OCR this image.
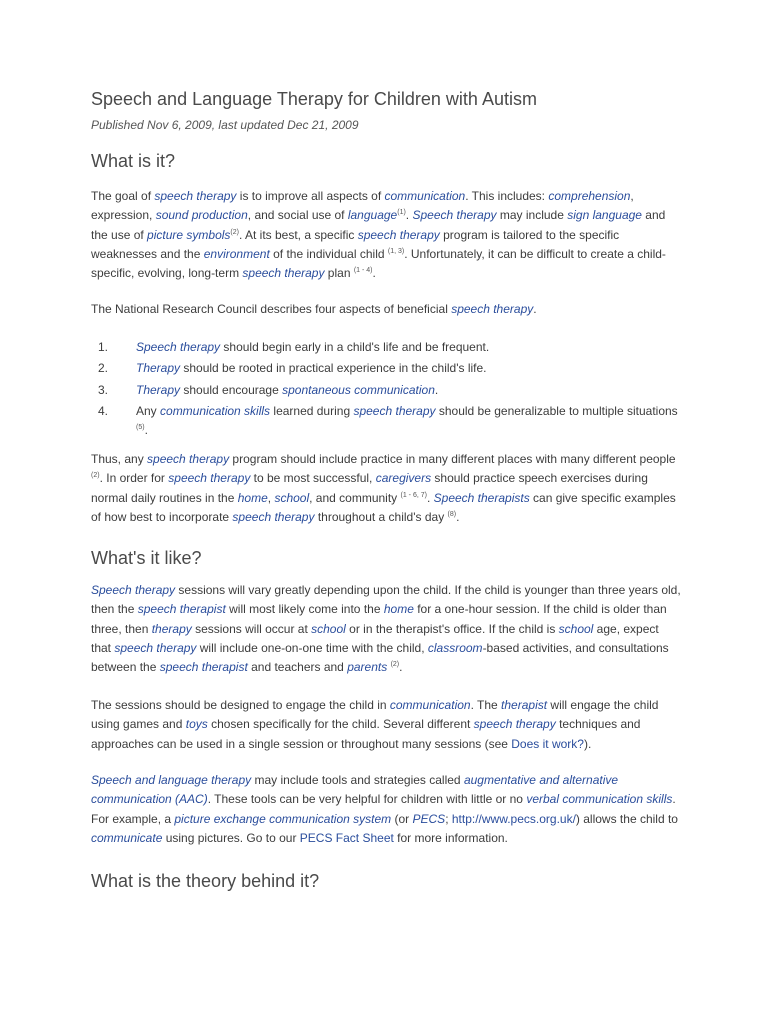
Speech and Language Therapy for Children with Autism
Published Nov 6, 2009, last updated Dec 21, 2009
What is it?

The goal of speech therapy is to improve all aspects of communication. This includes: comprehension, expression, sound production, and social use of language$^{(1)}$. Speech therapy may include sign language and the use of picture symbols$^{(2)}$. At its best, a specific speech therapy program is tailored to the specific weaknesses and the environment of the individual child $^{(1, 3)}$. Unfortunately, it can be difficult to create a child-specific, evolving, long-term speech therapy plan $^{(1 - 4)}$.

The National Research Council describes four aspects of beneficial speech therapy.

1.	Speech therapy should begin early in a child's life and be frequent.
2.	Therapy should be rooted in practical experience in the child's life.
3.	Therapy should encourage spontaneous communication.
4.	Any communication skills learned during speech therapy should be generalizable to multiple situations $^{(5)}$.

Thus, any speech therapy program should include practice in many different places with many different people $^{(2)}$. In order for speech therapy to be most successful, caregivers should practice speech exercises during normal daily routines in the home, school, and community $^{(1 - 6, 7)}$. Speech therapists can give specific examples of how best to incorporate speech therapy throughout a child's day $^{(8)}$.

What's it like?

Speech therapy sessions will vary greatly depending upon the child. If the child is younger than three years old, then the speech therapist will most likely come into the home for a one-hour session. If the child is older than three, then therapy sessions will occur at school or in the therapist's office. If the child is school age, expect that speech therapy will include one-on-one time with the child, classroom-based activities, and consultations between the speech therapist and teachers and parents $^{(2)}$.

The sessions should be designed to engage the child in communication. The therapist will engage the child using games and toys chosen specifically for the child. Several different speech therapy techniques and approaches can be used in a single session or throughout many sessions (see Does it work?).

Speech and language therapy may include tools and strategies called augmentative and alternative communication (AAC). These tools can be very helpful for children with little or no verbal communication skills. For example, a picture exchange communication system (or PECS; http://www.pecs.org.uk/) allows the child to communicate using pictures. Go to our PECS Fact Sheet for more information.

What is the theory behind it?
